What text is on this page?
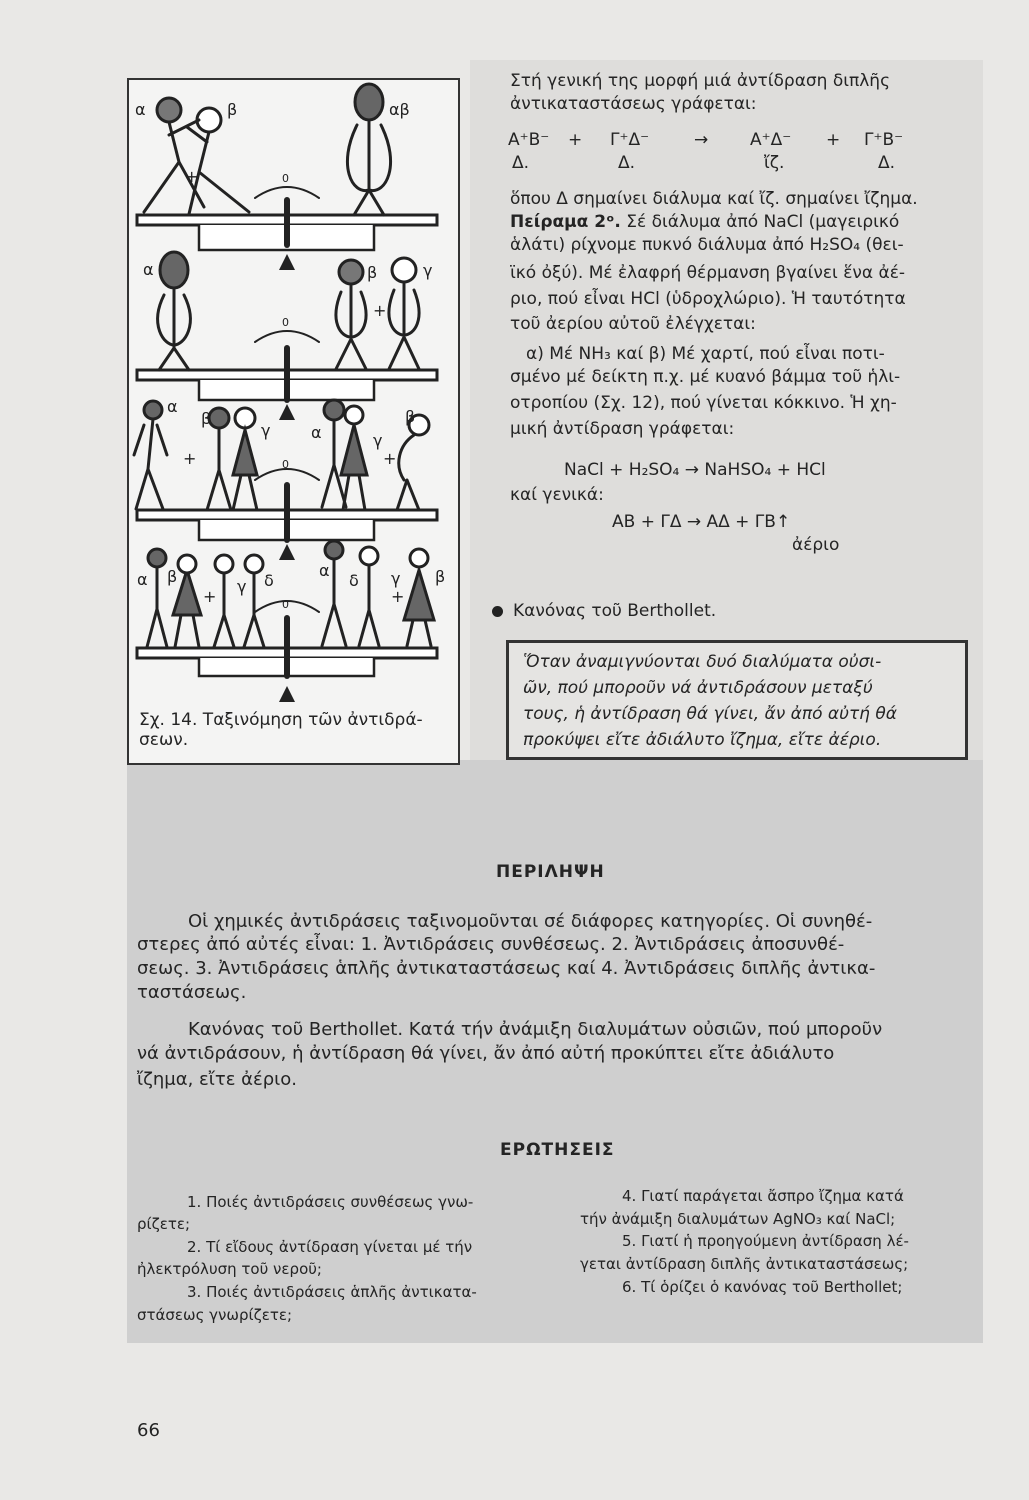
α	β	αβ
+	0
α	β	γ
+
0
α
β
γ	α	γ
β
+	+
0
α β
γ δ
α
δ γ β
+	+
0
Σχ. 14. Ταξινόμηση τῶν ἀντιδρά-
σεων.
Στή γενική της μορφή μιά ἀντίδραση διπλῆς
ἀντικαταστάσεως γράφεται:
A⁺B⁻ + Γ⁺Δ⁻	→ A⁺Δ⁻ + Γ⁺B⁻
Δ.	Δ.	ἴζ.	Δ.
ὅπου Δ σημαίνει διάλυμα καί ἴζ. σημαίνει ἴζημα.
Πείραμα 2ᵒ. Σέ διάλυμα ἀπό NaCl (μαγειρικό
ἁλάτι) ρίχνομε πυκνό διάλυμα ἀπό H₂SO₄ (θει-
ϊκό ὀξύ). Μέ ἐλαφρή θέρμανση βγαίνει ἕνα ἀέ-
ριο, πού εἶναι HCl (ὑδροχλώριο). Ἡ ταυτότητα
τοῦ ἀερίου αὐτοῦ ἐλέγχεται:
α) Μέ NH₃ καί β) Μέ χαρτί, πού εἶναι ποτι-
σμένο μέ δείκτη π.χ. μέ κυανό βάμμα τοῦ ἡλι-
οτροπίου (Σχ. 12), πού γίνεται κόκκινο. Ἡ χη-
μική ἀντίδραση γράφεται:
NaCl + H₂SO₄ → NaHSO₄ + HCl
καί γενικά:
AB + ΓΔ → AΔ + ΓΒ↑
ἀέριο
Κανόνας τοῦ Berthollet.
Ὅταν ἀναμιγνύονται δυό διαλύματα οὐσι-
ῶν, πού μποροῦν νά ἀντιδράσουν μεταξύ
τους, ἡ ἀντίδραση θά γίνει, ἄν ἀπό αὐτή θά
προκύψει εἴτε ἀδιάλυτο ἴζημα, εἴτε ἀέριο.
ΠΕΡΙΛΗΨΗ
Οἱ χημικές ἀντιδράσεις ταξινομοῦνται σέ διάφορες κατηγορίες. Οἱ συνηθέ-
στερες ἀπό αὐτές εἶναι: 1. Ἀντιδράσεις συνθέσεως. 2. Ἀντιδράσεις ἀποσυνθέ-
σεως. 3. Ἀντιδράσεις ἁπλῆς ἀντικαταστάσεως καί 4. Ἀντιδράσεις διπλῆς ἀντικα-
ταστάσεως.
Κανόνας τοῦ Berthollet. Κατά τήν ἀνάμιξη διαλυμάτων οὐσιῶν, πού μποροῦν
νά ἀντιδράσουν, ἡ ἀντίδραση θά γίνει, ἄν ἀπό αὐτή προκύπτει εἴτε ἀδιάλυτο
ἴζημα, εἴτε ἀέριο.
ΕΡΩΤΗΣΕΙΣ
1. Ποιές ἀντιδράσεις συνθέσεως γνω-
ρίζετε;
2. Τί εἴδους ἀντίδραση γίνεται μέ τήν
ἠλεκτρόλυση τοῦ νεροῦ;
3. Ποιές ἀντιδράσεις ἁπλῆς ἀντικατα-
στάσεως γνωρίζετε;
4. Γιατί παράγεται ἄσπρο ἴζημα κατά
τήν ἀνάμιξη διαλυμάτων AgNO₃ καί NaCl;
5. Γιατί ἡ προηγούμενη ἀντίδραση λέ-
γεται ἀντίδραση διπλῆς ἀντικαταστάσεως;
6. Τί ὁρίζει ὁ κανόνας τοῦ Berthollet;
66
